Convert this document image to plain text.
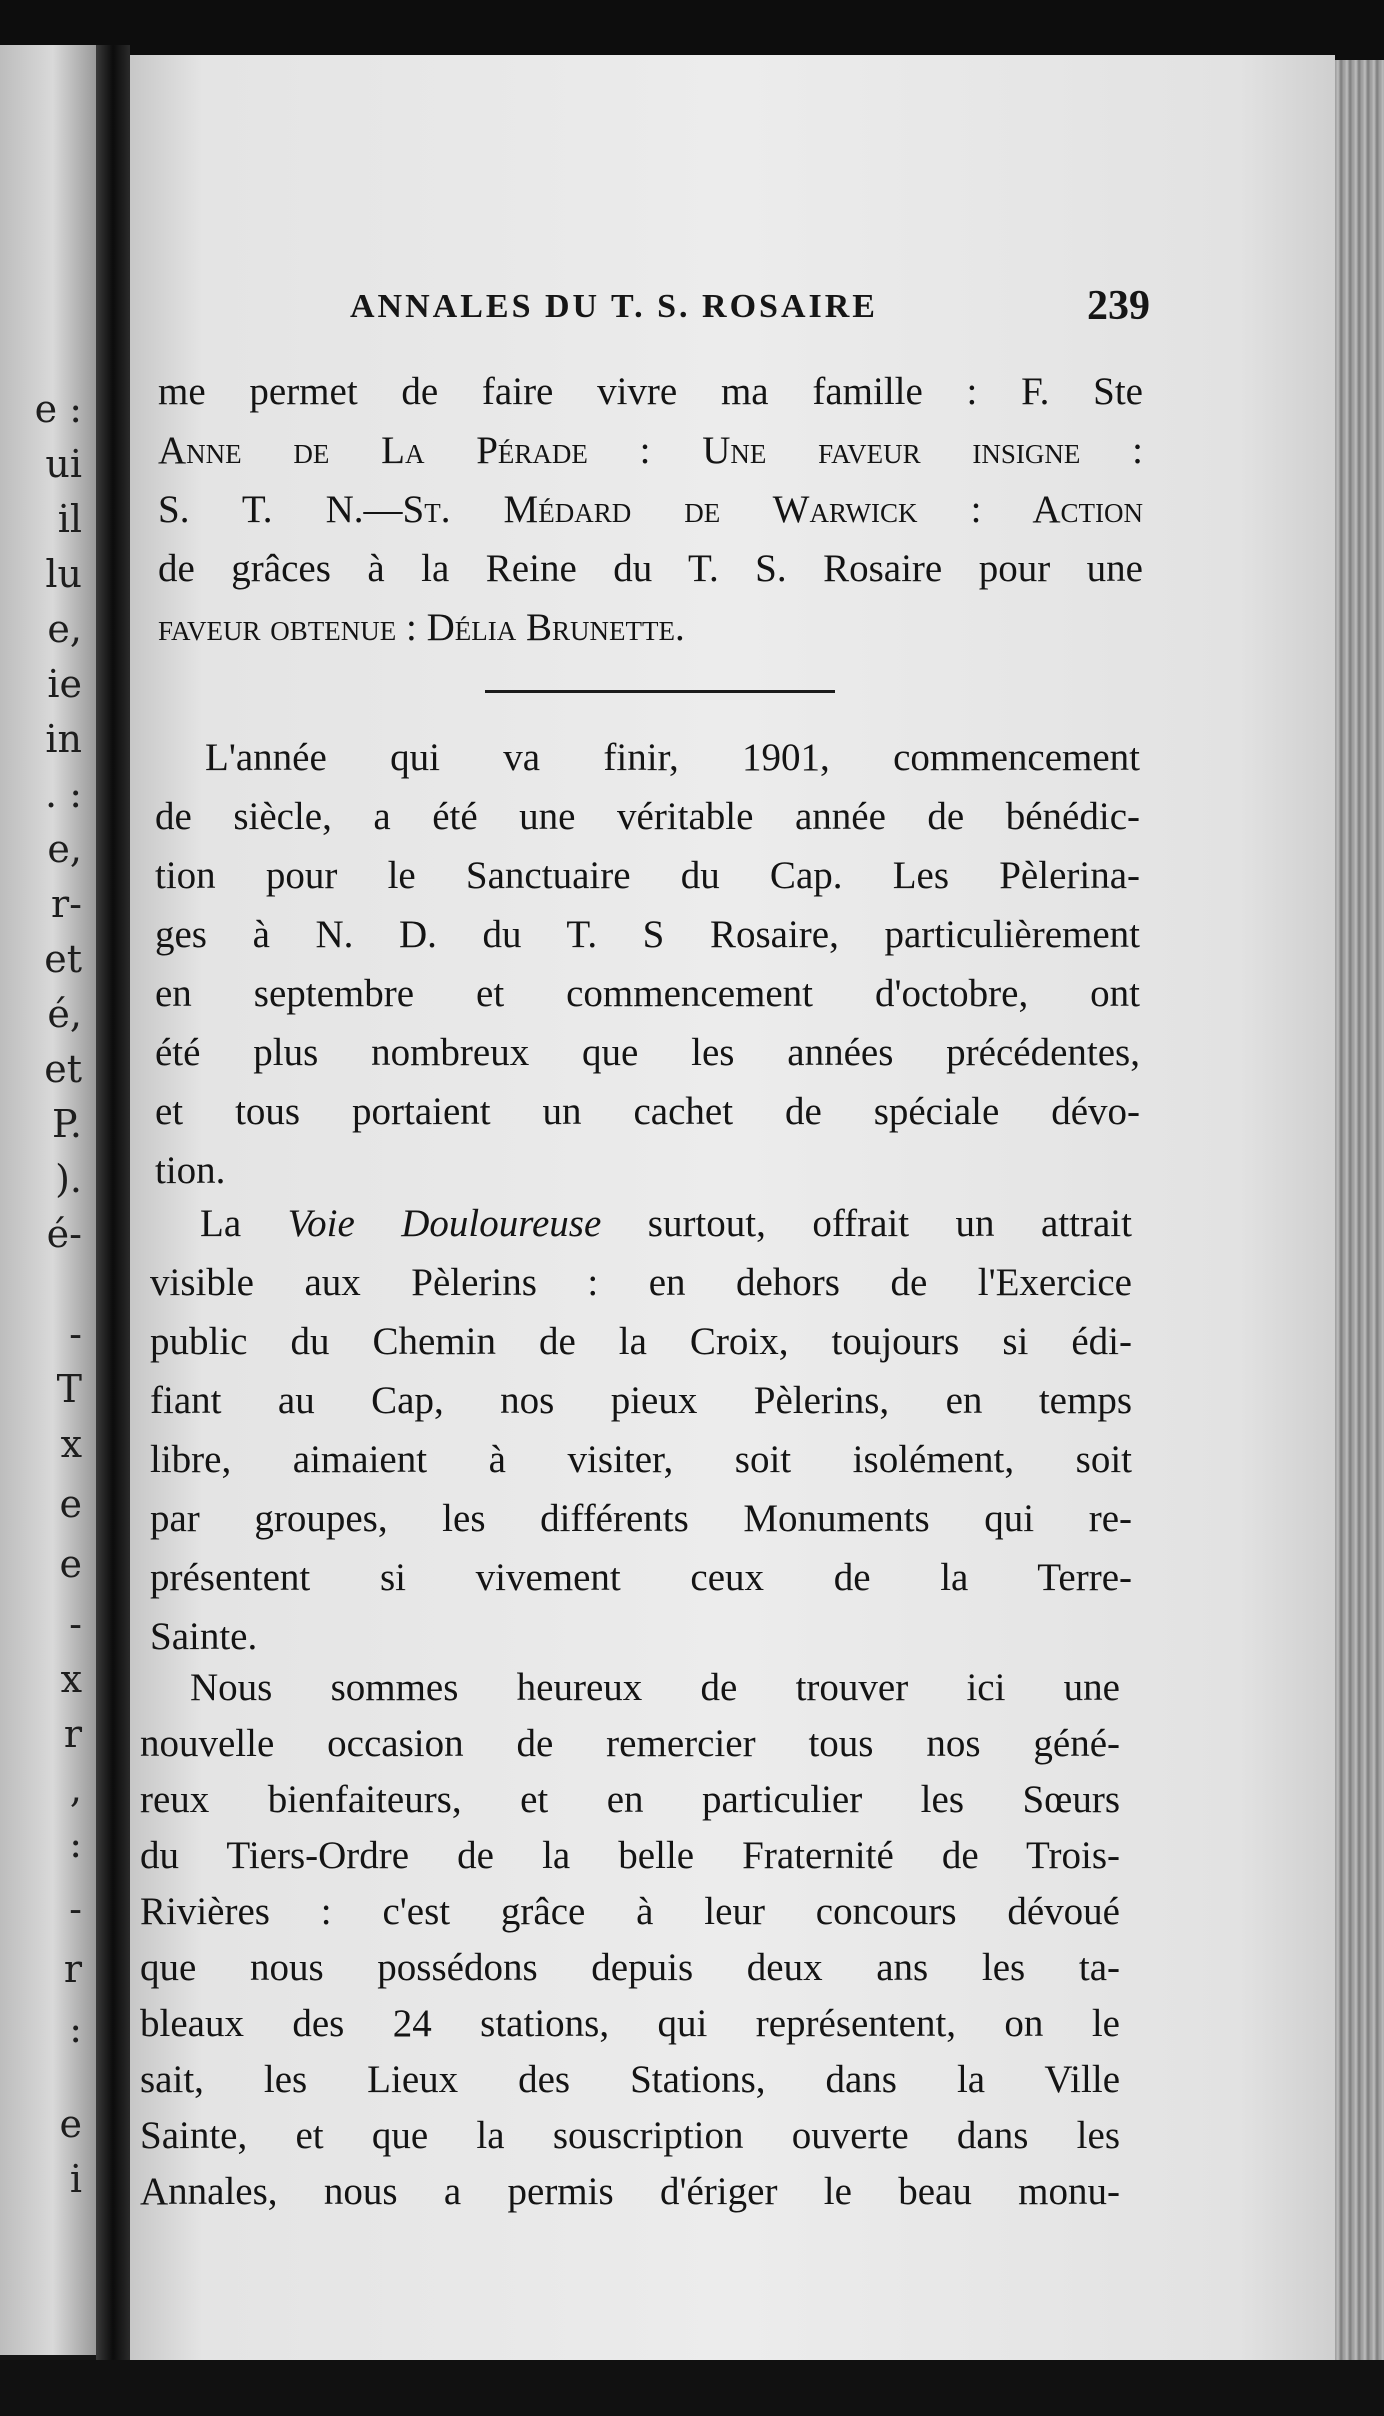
e :
ui
il
lu
e,
ie
in
. :
e,
r-
et
é,
et
P.
).
é-
-
T
x
e
e
-
x
r
,
:
-
r
:
e
i
ANNALES DU T. S. ROSAIRE	239
me permet de faire vivre ma famille : F. Ste
Anne de La Pérade : Une faveur insigne :
S. T. N.—St. Médard de Warwick : Action
de grâces à la Reine du T. S. Rosaire pour une
faveur obtenue : Délia Brunette.
L'année qui va finir, 1901, commencement
de siècle, a été une véritable année de bénédic-
tion pour le Sanctuaire du Cap. Les Pèlerina-
ges à N. D. du T. S Rosaire, particulièrement
en septembre et commencement d'octobre, ont
été plus nombreux que les années précédentes,
et tous portaient un cachet de spéciale dévo-
tion.
La Voie Douloureuse surtout, offrait un attrait
visible aux Pèlerins : en dehors de l'Exercice
public du Chemin de la Croix, toujours si édi-
fiant au Cap, nos pieux Pèlerins, en temps
libre, aimaient à visiter, soit isolément, soit
par groupes, les différents Monuments qui re-
présentent si vivement ceux de la Terre-
Sainte.
Nous sommes heureux de trouver ici une
nouvelle occasion de remercier tous nos géné-
reux bienfaiteurs, et en particulier les Sœurs
du Tiers-Ordre de la belle Fraternité de Trois-
Rivières : c'est grâce à leur concours dévoué
que nous possédons depuis deux ans les ta-
bleaux des 24 stations, qui représentent, on le
sait, les Lieux des Stations, dans la Ville
Sainte, et que la souscription ouverte dans les
Annales, nous a permis d'ériger le beau monu-
